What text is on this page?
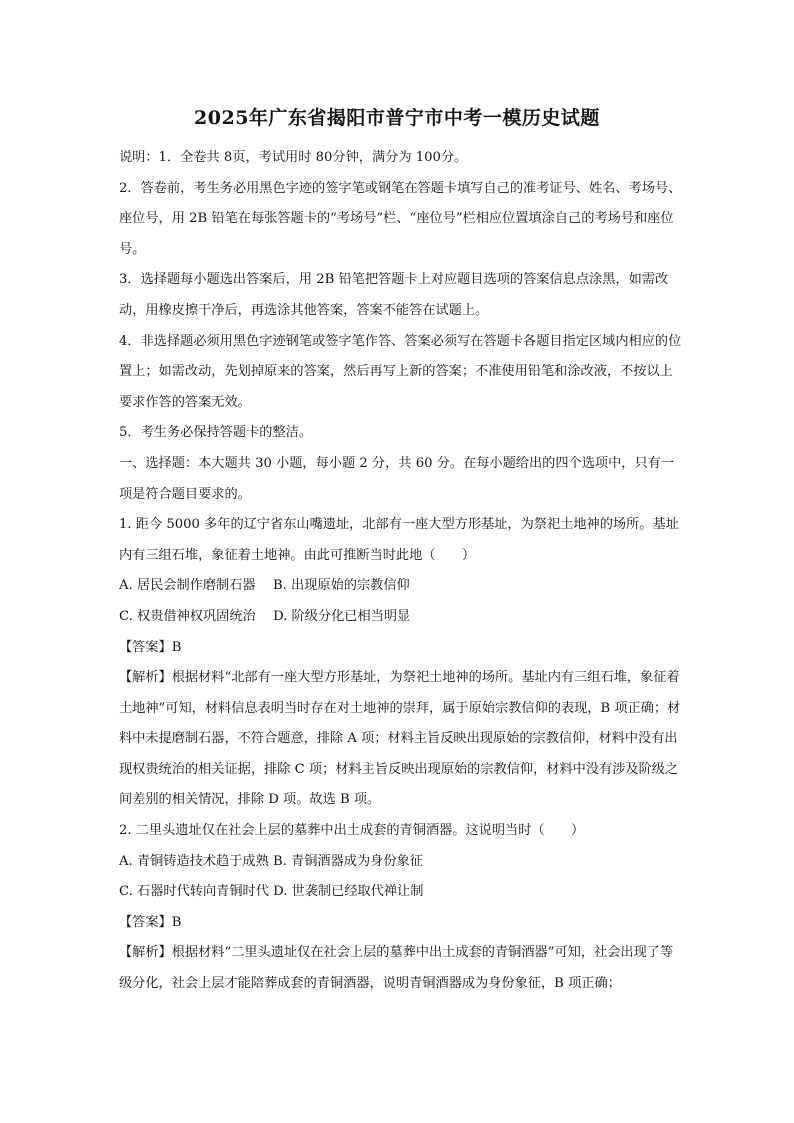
2025年广东省揭阳市普宁市中考一模历史试题

说明：1．全卷共 8页，考试用时 80分钟，满分为 100分。

2．答卷前，考生务必用黑色字迹的签字笔或钢笔在答题卡填写自己的准考证号、姓名、考场号、座位号，用 2B 铅笔在每张答题卡的“考场号”栏、“座位号”栏相应位置填涂自己的考场号和座位号。

3．选择题每小题选出答案后，用 2B 铅笔把答题卡上对应题目选项的答案信息点涂黑，如需改动，用橡皮擦干净后，再选涂其他答案，答案不能答在试题上。

4．非选择题必须用黑色字迹钢笔或签字笔作答、答案必须写在答题卡各题目指定区域内相应的位置上；如需改动，先划掉原来的答案，然后再写上新的答案；不准使用铅笔和涂改液，不按以上要求作答的答案无效。

5．考生务必保持答题卡的整洁。

一、选择题：本大题共 30 小题，每小题 2 分，共 60 分。在每小题给出的四个选项中，只有一项是符合题目要求的。

1. 距今 5000 多年的辽宁省东山嘴遗址，北部有一座大型方形基址，为祭祀土地神的场所。基址内有三组石堆，象征着土地神。由此可推断当时此地（　　）

A. 居民会制作磨制石器　 B. 出现原始的宗教信仰

C. 权贵借神权巩固统治　 D. 阶级分化已相当明显

【答案】B

【解析】根据材料“北部有一座大型方形基址，为祭祀土地神的场所。基址内有三组石堆，象征着土地神”可知，材料信息表明当时存在对土地神的崇拜，属于原始宗教信仰的表现，B 项正确；材料中未提磨制石器，不符合题意，排除 A 项；材料主旨反映出现原始的宗教信仰，材料中没有出现权贵统治的相关证据，排除 C 项；材料主旨反映出现原始的宗教信仰，材料中没有涉及阶级之间差别的相关情况，排除 D 项。故选 B 项。

2. 二里头遗址仅在社会上层的墓葬中出土成套的青铜酒器。这说明当时（　　）

A. 青铜铸造技术趋于成熟 B. 青铜酒器成为身份象征

C. 石器时代转向青铜时代 D. 世袭制已经取代禅让制

【答案】B

【解析】根据材料“二里头遗址仅在社会上层的墓葬中出土成套的青铜酒器”可知，社会出现了等级分化，社会上层才能陪葬成套的青铜酒器，说明青铜酒器成为身份象征，B 项正确；
